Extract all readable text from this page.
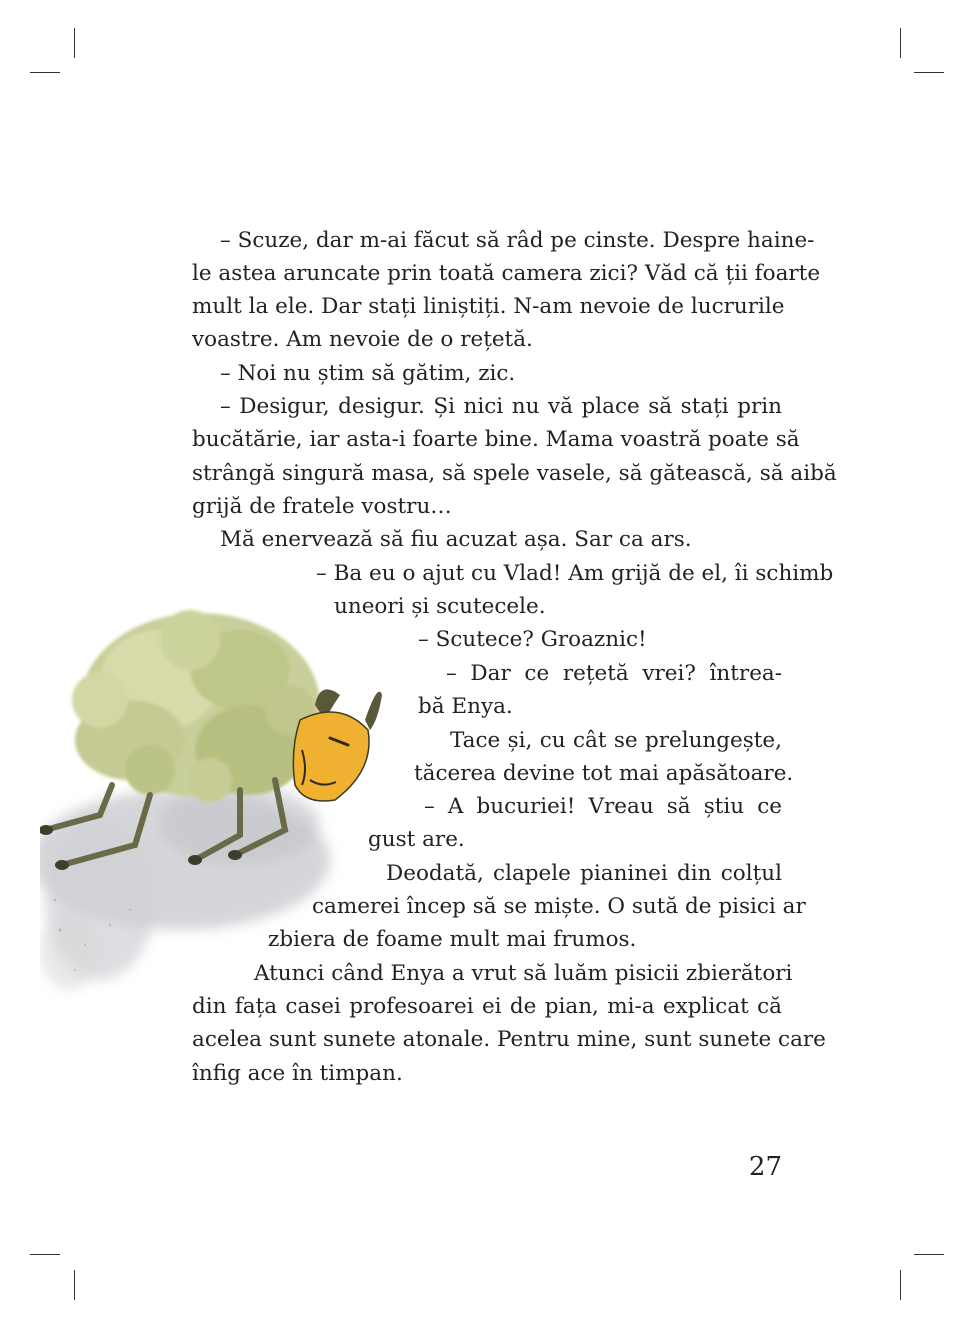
– Scuze, dar m-ai făcut să râd pe cinste. Despre haine-
le astea aruncate prin toată camera zici? Văd că ții foarte
mult la ele. Dar stați liniștiți. N-am nevoie de lucrurile
voastre. Am nevoie de o rețetă.
– Noi nu știm să gătim, zic.
– Desigur, desigur. Și nici nu vă place să stați prin
bucătărie, iar asta-i foarte bine. Mama voastră poate să
strângă singură masa, să spele vasele, să gătească, să aibă
grijă de fratele vostru…
Mă enervează să fiu acuzat așa. Sar ca ars.
– Ba eu o ajut cu Vlad! Am grijă de el, îi schimb
uneori și scutecele.
– Scutece? Groaznic!
– Dar ce rețetă vrei? întrea-
bă Enya.
Tace și, cu cât se prelungește,
tăcerea devine tot mai apăsătoare.
– A bucuriei! Vreau să știu ce
gust are.
Deodată, clapele pianinei din colțul
camerei încep să se miște. O sută de pisici ar
zbiera de foame mult mai frumos.
Atunci când Enya a vrut să luăm pisicii zbierători
din fața casei profesoarei ei de pian, mi-a explicat că
acelea sunt sunete atonale. Pentru mine, sunt sunete care
înfig ace în timpan.
27
